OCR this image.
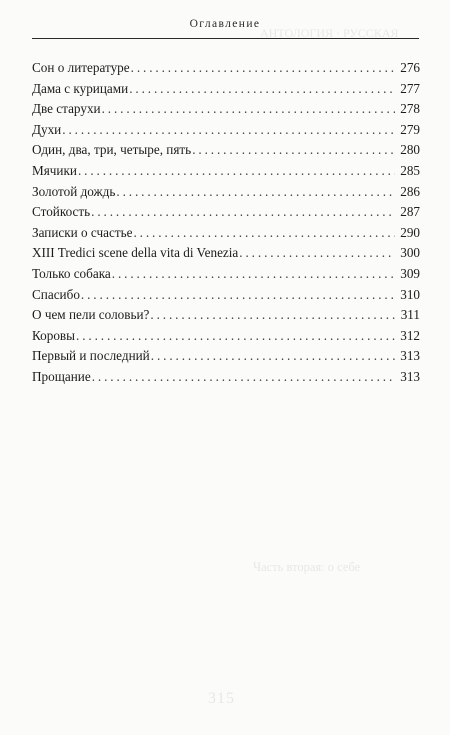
Оглавление
АНТОЛОГИЯ · РУССКАЯ
Часть вторая: о себе
315
Сон о литературе . . .	276
Дама с курицами . . .	277
Две старухи . . .	278
Духи . . .	279
Один, два, три, четыре, пять . . .	280
Мячики . . .	285
Золотой дождь . . .	286
Стойкость . . .	287
Записки о счастье . . .	290
XIII Tredici scene della vita di Venezia . . .	300
Только собака . . .	309
Спасибо . . .	310
О чем пели соловьи? . . .	311
Коровы . . .	312
Первый и последний . . .	313
Прощание . . .	313
